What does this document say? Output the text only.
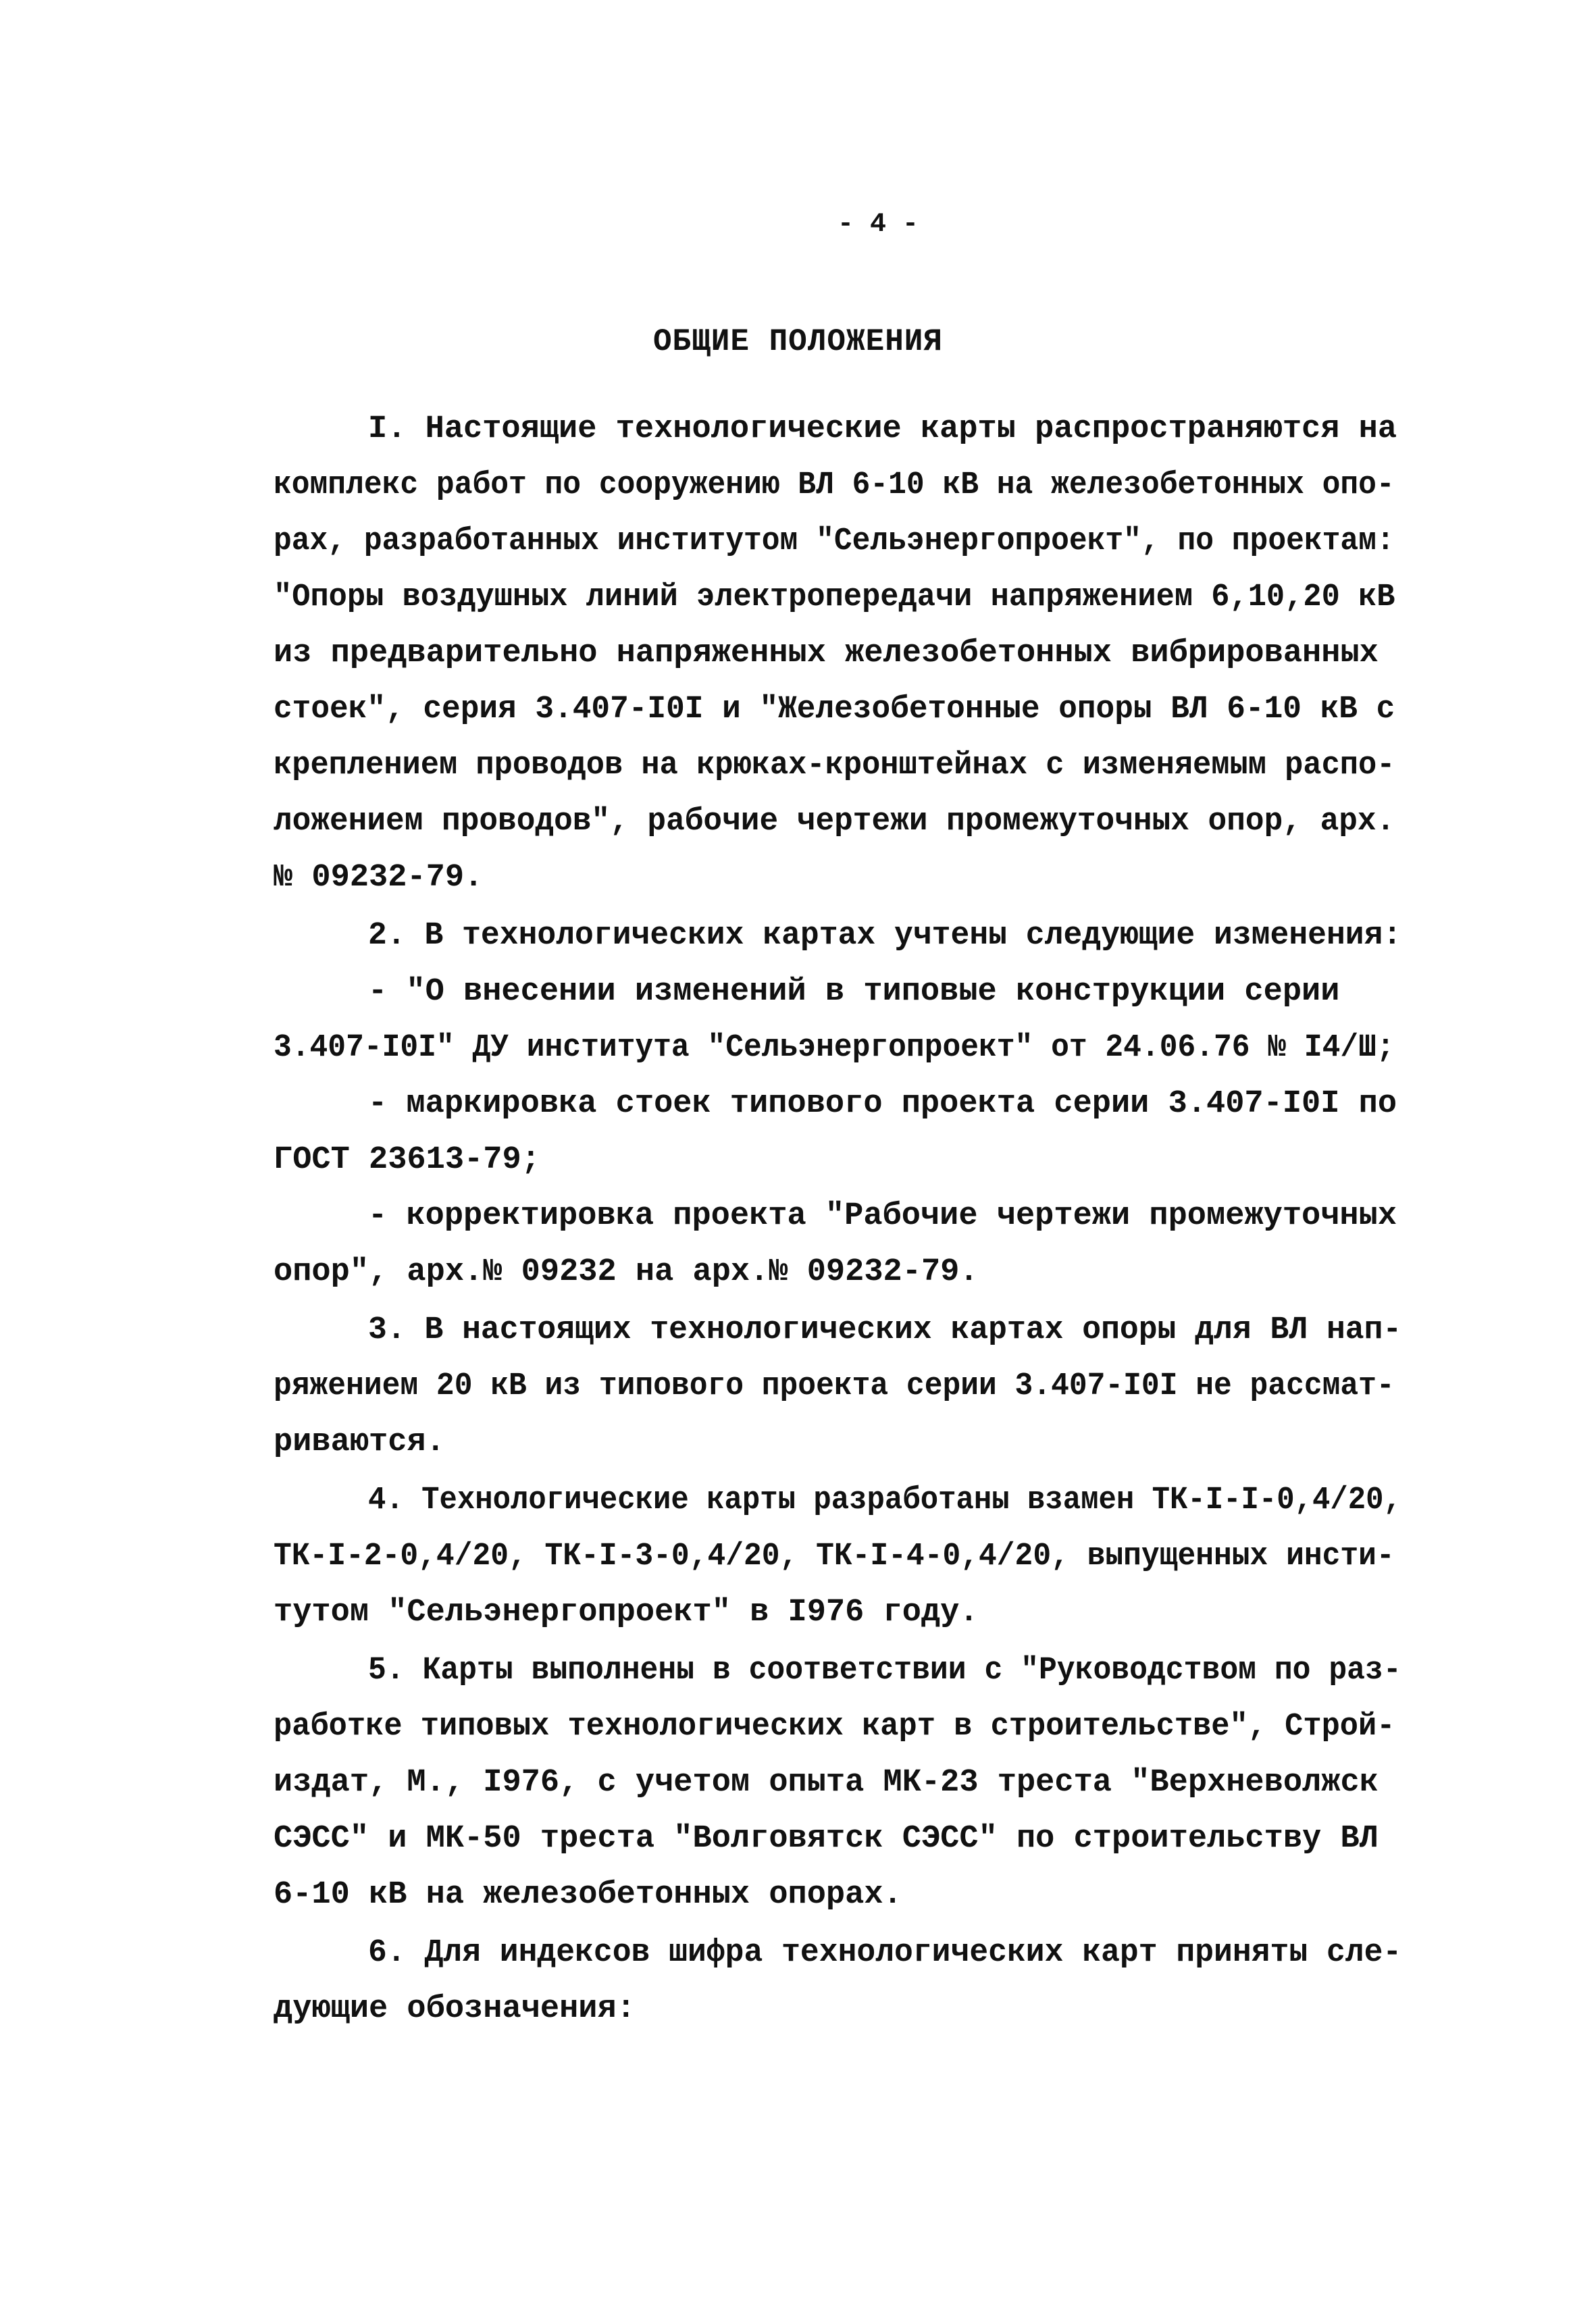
- 4 -
ОБЩИЕ ПОЛОЖЕНИЯ
I. Настоящие технологические карты распространяются на
комплекс работ по сооружению ВЛ 6-10 кВ на железобетонных опо-
рах, разработанных институтом "Сельэнергопроект", по проектам:
"Опоры воздушных линий электропередачи напряжением 6,10,20 кВ
из предварительно напряженных железобетонных вибрированных
стоек", серия 3.407-I0I и "Железобетонные опоры ВЛ 6-10 кВ с
креплением проводов на крюках-кронштейнах с изменяемым распо-
ложением проводов", рабочие чертежи промежуточных опор, арх.
№ 09232-79.
2. В технологических картах учтены следующие изменения:
- "О внесении изменений в типовые конструкции серии
3.407-I0I" ДУ института "Сельэнергопроект" от 24.06.76 № I4/Ш;
- маркировка стоек типового проекта серии 3.407-I0I по
ГОСТ 23613-79;
- корректировка проекта "Рабочие чертежи промежуточных
опор", арх.№ 09232 на арх.№ 09232-79.
3. В настоящих технологических картах опоры для ВЛ нап-
ряжением 20 кВ из типового проекта серии 3.407-I0I не рассмат-
риваются.
4. Технологические карты разработаны взамен ТК-I-I-0,4/20,
ТК-I-2-0,4/20, ТК-I-3-0,4/20, ТК-I-4-0,4/20, выпущенных инсти-
тутом "Сельэнергопроект" в I976 году.
5. Карты выполнены в соответствии с "Руководством по раз-
работке типовых технологических карт в строительстве", Строй-
издат, М., I976, с учетом опыта МК-23 треста "Верхневолжск
СЭСС" и МК-50 треста "Волговятск СЭСС" по строительству ВЛ
6-10 кВ на железобетонных опорах.
6. Для индексов шифра технологических карт приняты сле-
дующие обозначения:
